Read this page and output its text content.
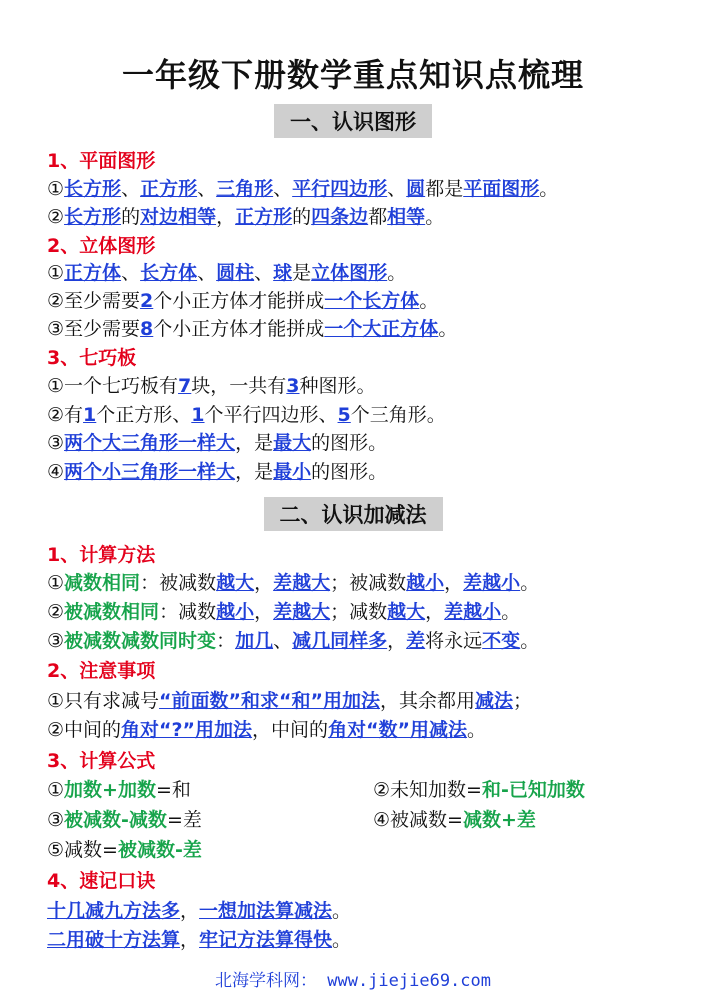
一年级下册数学重点知识点梳理
一、认识图形
1、平面图形
①长方形、正方形、三角形、平行四边形、圆都是平面图形。
②长方形的对边相等，正方形的四条边都相等。
2、立体图形
①正方体、长方体、圆柱、球是立体图形。
②至少需要2个小正方体才能拼成一个长方体。
③至少需要8个小正方体才能拼成一个大正方体。
3、七巧板
①一个七巧板有7块，一共有3种图形。
②有1个正方形、1个平行四边形、5个三角形。
③两个大三角形一样大，是最大的图形。
④两个小三角形一样大，是最小的图形。
二、认识加减法
1、计算方法
①减数相同：被减数越大，差越大；被减数越小，差越小。
②被减数相同：减数越小，差越大；减数越大，差越小。
③被减数减数同时变：加几、减几同样多，差将永远不变。
2、注意事项
①只有求减号“前面数”和求“和”用加法，其余都用减法；
②中间的角对“?”用加法，中间的角对“数”用减法。
3、计算公式
①加数+加数=和	②未知加数=和-已知加数
③被减数-减数=差	④被减数=减数+差
⑤减数=被减数-差
4、速记口诀
十几减九方法多，一想加法算减法。
二用破十方法算，牢记方法算得快。
北海学科网： www.jiejie69.com
